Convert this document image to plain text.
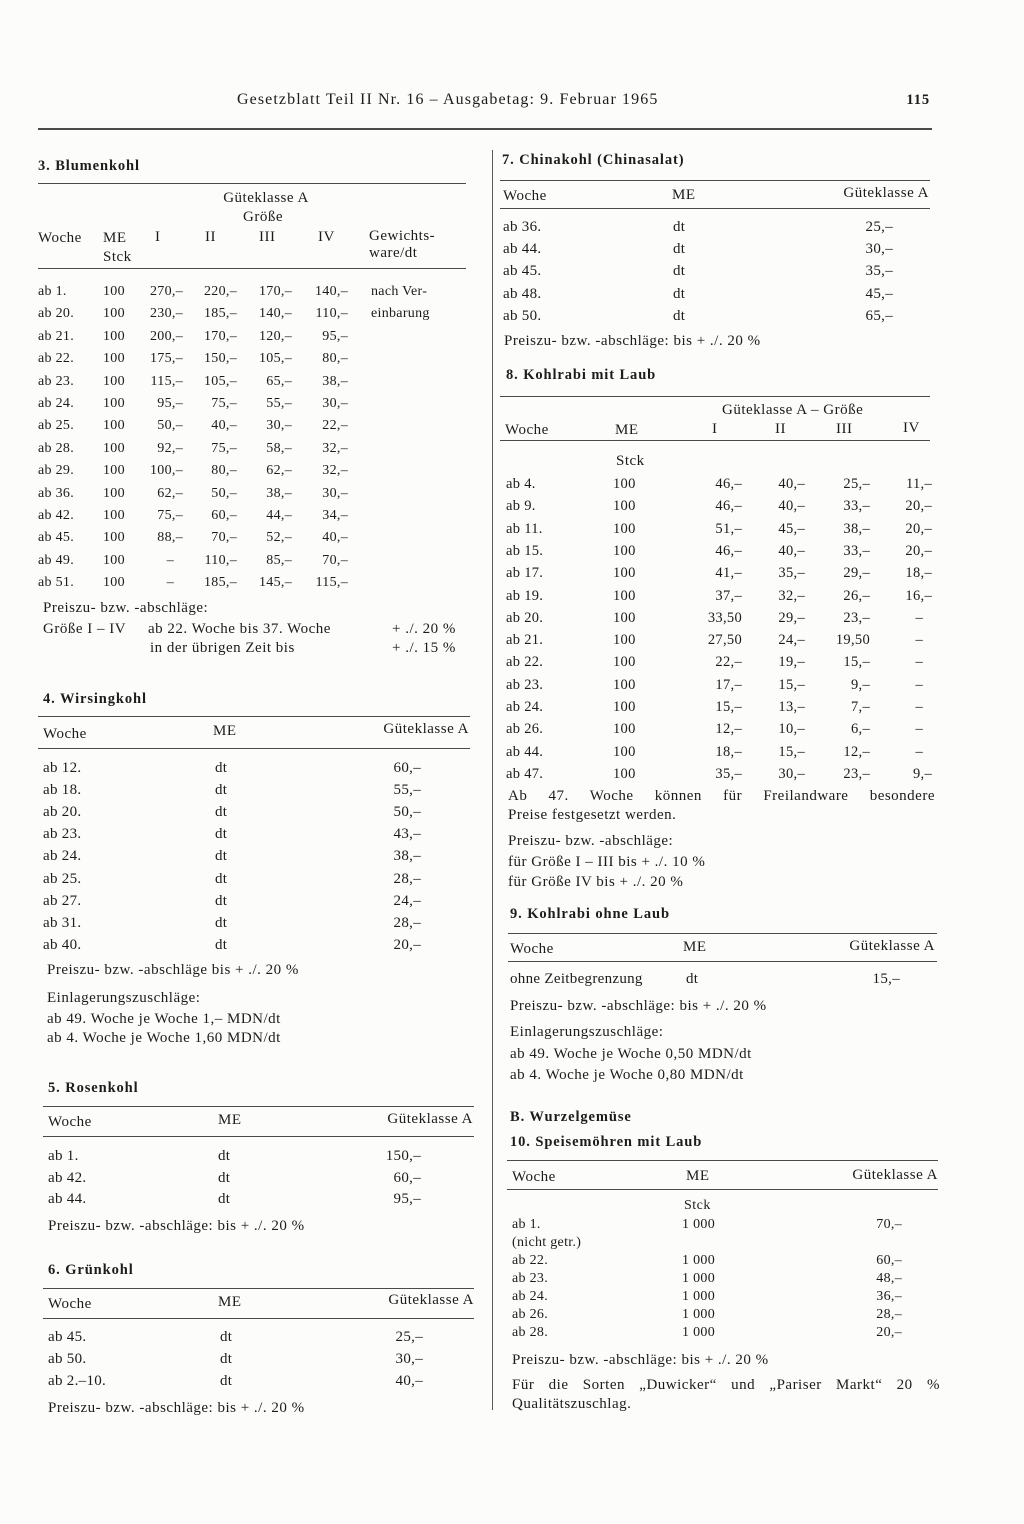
Gesetzblatt Teil II Nr. 16 – Ausgabetag: 9. Februar 1965	115
3. Blumenkohl
Güteklasse A
Größe
Woche ME
Stck
I	II	III	IV Gewichts-
ware/dt
ab 1.	100 270,– 220,– 170,– 140,– nach Ver-
ab 20. 100 230,– 185,– 140,– 110,– einbarung
ab 21. 100 200,– 170,– 120,– 95,–
ab 22. 100 175,– 150,– 105,– 80,–
ab 23. 100 115,– 105,– 65,– 38,–
ab 24. 100 95,– 75,– 55,– 30,–
ab 25. 100 50,– 40,– 30,– 22,–
ab 28. 100 92,– 75,– 58,– 32,–
ab 29. 100 100,– 80,– 62,– 32,–
ab 36. 100 62,– 50,– 38,– 30,–
ab 42. 100 75,– 60,– 44,– 34,–
ab 45. 100 88,– 70,– 52,– 40,–
ab 49. 100	– 110,– 85,– 70,–
ab 51. 100	– 185,– 145,– 115,–
Preiszu- bzw. -abschläge:
Größe I – IV ab 22. Woche bis 37. Woche	+ ./. 20 %
in der übrigen Zeit bis	+ ./. 15 %
4. Wirsingkohl
Woche	ME	Güteklasse A
ab 12.	dt	60,–
ab 18.	dt	55,–
ab 20.	dt	50,–
ab 23.	dt	43,–
ab 24.	dt	38,–
ab 25.	dt	28,–
ab 27.	dt	24,–
ab 31.	dt	28,–
ab 40.	dt	20,–
Preiszu- bzw. -abschläge bis + ./. 20 %
Einlagerungszuschläge:
ab 49. Woche je Woche 1,– MDN/dt
ab 4. Woche je Woche 1,60 MDN/dt
5. Rosenkohl
Woche	ME	Güteklasse A
ab 1.	dt	150,–
ab 42.	dt	60,–
ab 44.	dt	95,–
Preiszu- bzw. -abschläge: bis + ./. 20 %
6. Grünkohl
Woche	ME	Güteklasse A
ab 45.	dt	25,–
ab 50.	dt	30,–
ab 2.–10.	dt	40,–
Preiszu- bzw. -abschläge: bis + ./. 20 %
7. Chinakohl (Chinasalat)
Woche	ME	Güteklasse A
ab 36.	dt	25,–
ab 44.	dt	30,–
ab 45.	dt	35,–
ab 48.	dt	45,–
ab 50.	dt	65,–
Preiszu- bzw. -abschläge: bis + ./. 20 %
8. Kohlrabi mit Laub
Güteklasse A – Größe
Woche	ME	I	II	III	IV
Stck
ab 4.	100	46,–	40,–	25,– 11,–
ab 9.	100	46,–	40,–	33,– 20,–
ab 11.	100	51,–	45,–	38,– 20,–
ab 15.	100	46,–	40,–	33,– 20,–
ab 17.	100	41,–	35,–	29,– 18,–
ab 19.	100	37,–	32,–	26,– 16,–
ab 20.	100	33,50	29,–	23,–	–
ab 21.	100	27,50	24,– 19,50	–
ab 22.	100	22,–	19,–	15,–	–
ab 23.	100	17,–	15,–	9,–	–
ab 24.	100	15,–	13,–	7,–	–
ab 26.	100	12,–	10,–	6,–	–
ab 44.	100	18,–	15,–	12,–	–
ab 47.	100	35,–	30,–	23,–	9,–
Ab 47. Woche können für Freilandware besondere
Preise festgesetzt werden.
Preiszu- bzw. -abschläge:
für Größe I – III bis + ./. 10 %
für Größe IV bis + ./. 20 %
9. Kohlrabi ohne Laub
Woche	ME	Güteklasse A
ohne Zeitbegrenzung	dt	15,–
Preiszu- bzw. -abschläge: bis + ./. 20 %
Einlagerungszuschläge:
ab 49. Woche je Woche 0,50 MDN/dt
ab 4. Woche je Woche 0,80 MDN/dt
B. Wurzelgemüse
10. Speisemöhren mit Laub
Woche	ME	Güteklasse A
Stck
ab 1.	1 000	70,–
(nicht getr.)
ab 22.	1 000	60,–
ab 23.	1 000	48,–
ab 24.	1 000	36,–
ab 26.	1 000	28,–
ab 28.	1 000	20,–
Preiszu- bzw. -abschläge: bis + ./. 20 %
Für die Sorten „Duwicker“ und „Pariser Markt“ 20 %
Qualitätszuschlag.
